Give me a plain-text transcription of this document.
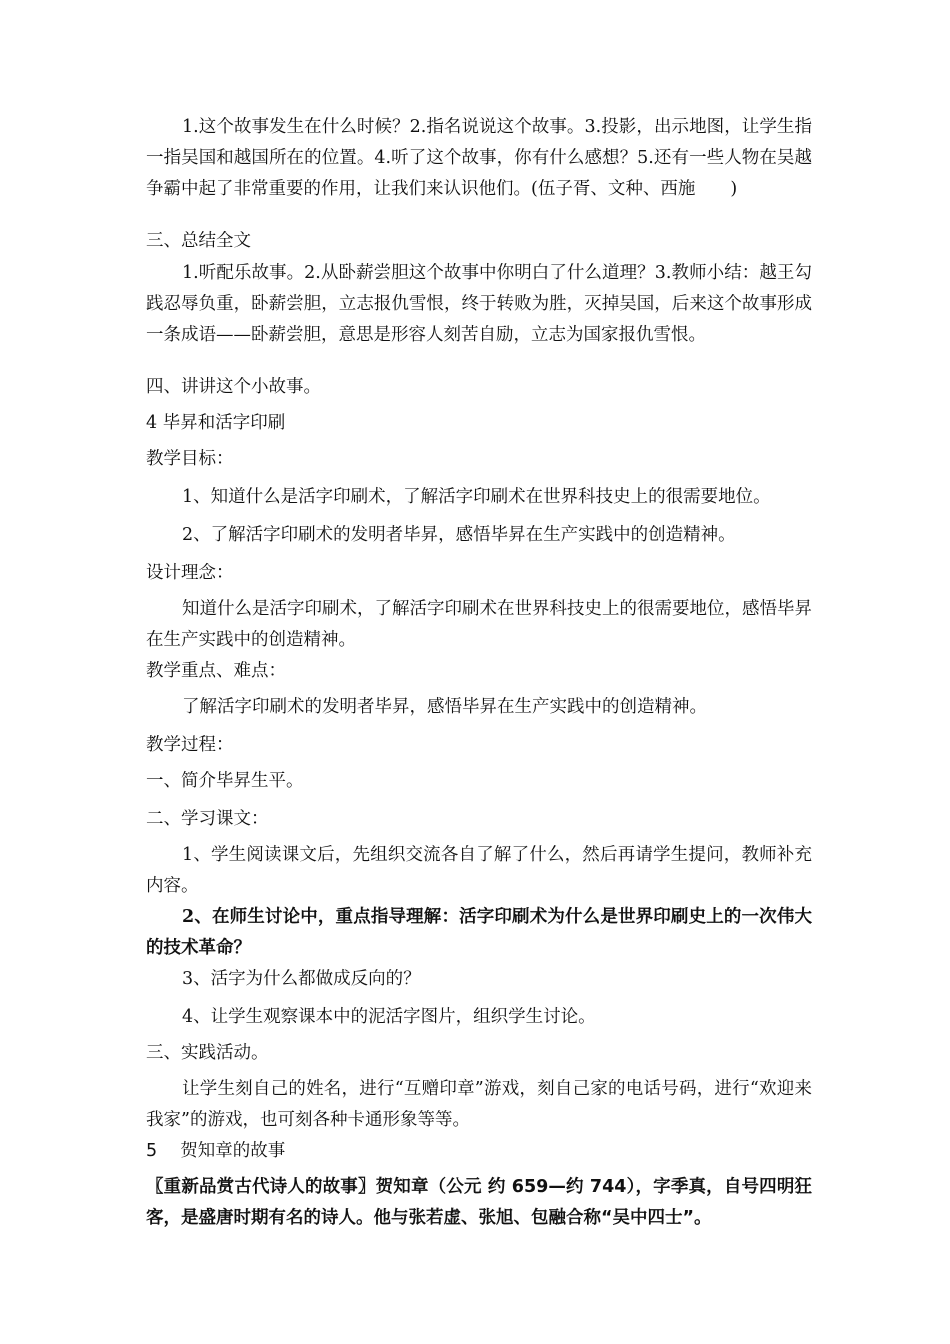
1.这个故事发生在什么时候？2.指名说说这个故事。3.投影，出示地图，让学生指一指吴国和越国所在的位置。4.听了这个故事，你有什么感想？5.还有一些人物在吴越争霸中起了非常重要的作用，让我们来认识他们。(伍子胥、文种、西施　　)

三、总结全文

1.听配乐故事。2.从卧薪尝胆这个故事中你明白了什么道理？3.教师小结：越王勾践忍辱负重，卧薪尝胆，立志报仇雪恨，终于转败为胜，灭掉吴国，后来这个故事形成一条成语——卧薪尝胆，意思是形容人刻苦自励，立志为国家报仇雪恨。

四、讲讲这个小故事。

4 毕昇和活字印刷

教学目标：

1、知道什么是活字印刷术，了解活字印刷术在世界科技史上的很需要地位。

2、了解活字印刷术的发明者毕昇，感悟毕昇在生产实践中的创造精神。

设计理念：

知道什么是活字印刷术，了解活字印刷术在世界科技史上的很需要地位，感悟毕昇在生产实践中的创造精神。

教学重点、难点：

了解活字印刷术的发明者毕昇，感悟毕昇在生产实践中的创造精神。

教学过程：

一、简介毕昇生平。

二、学习课文：

1、学生阅读课文后，先组织交流各自了解了什么，然后再请学生提问，教师补充内容。

2、在师生讨论中，重点指导理解：活字印刷术为什么是世界印刷史上的一次伟大的技术革命？

3、活字为什么都做成反向的？

4、让学生观察课本中的泥活字图片，组织学生讨论。

三、实践活动。

让学生刻自己的姓名，进行“互赠印章”游戏，刻自己家的电话号码，进行“欢迎来我家”的游戏，也可刻各种卡通形象等等。

5　 贺知章的故事

〖重新品赏古代诗人的故事〗贺知章（公元 约 659—约 744），字季真，自号四明狂客，是盛唐时期有名的诗人。他与张若虚、张旭、包融合称“吴中四士”。
